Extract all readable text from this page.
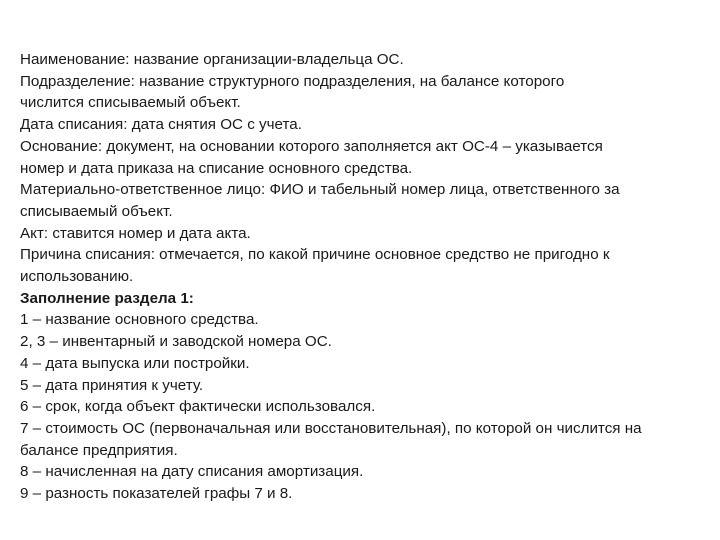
Наименование: название организации-владельца ОС.

Подразделение: название структурного подразделения, на балансе которого

числится списываемый объект.

Дата списания: дата снятия ОС с учета.

Основание: документ, на основании которого заполняется акт ОС-4 – указывается

номер и дата приказа на списание основного средства.

Материально-ответственное лицо: ФИО и табельный номер лица, ответственного за

списываемый объект.

Акт: ставится номер и дата акта.

Причина списания: отмечается, по какой причине основное средство не пригодно к

использованию.

Заполнение раздела 1:

1 – название основного средства.

2, 3 – инвентарный и заводской номера ОС.

4 – дата выпуска или постройки.

5 – дата принятия к учету.

6 – срок, когда объект фактически использовался.

7 – стоимость ОС (первоначальная или восстановительная), по которой он числится на

балансе предприятия.

8 – начисленная на дату списания амортизация.

9 – разность показателей графы 7 и 8.
